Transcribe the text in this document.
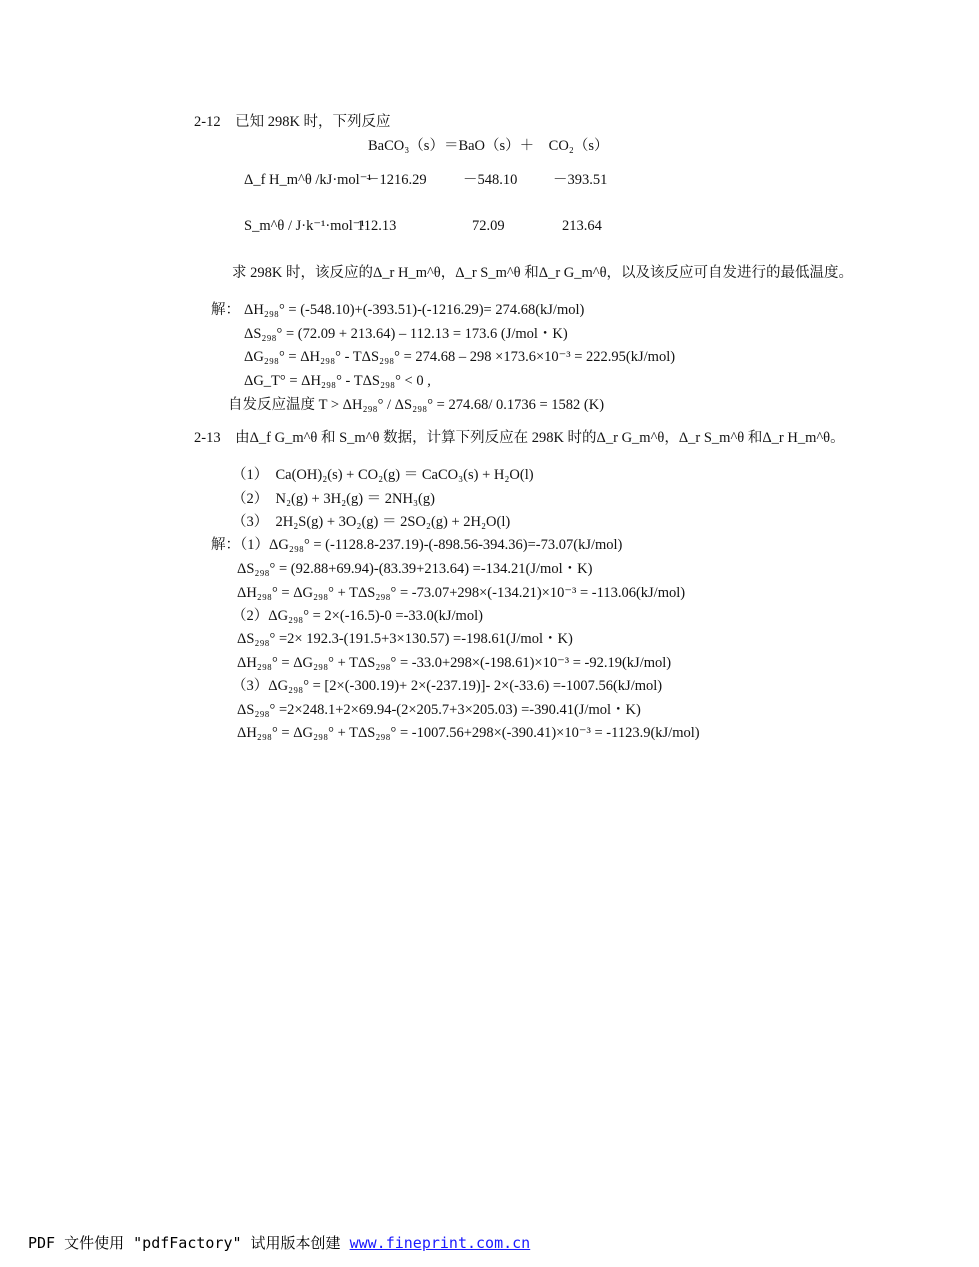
2-12　已知 298K 时，下列反应
BaCO₃（s）＝BaO（s）＋　CO₂（s）
Δ_f H_m^θ /kJ·mol⁻¹
－1216.29	－548.10 －393.51
S_m^θ / J·k⁻¹·mol⁻¹
112.13	72.09	213.64
求 298K 时，该反应的Δ_r H_m^θ，Δ_r S_m^θ 和Δ_r G_m^θ，以及该反应可自发进行的最低温度。
解： ΔH₂₉₈° = (-548.10)+(-393.51)-(-1216.29)= 274.68(kJ/mol)
ΔS₂₉₈° = (72.09 + 213.64) – 112.13 = 173.6 (J/mol・K)
ΔG₂₉₈° = ΔH₂₉₈° - TΔS₂₉₈° = 274.68 – 298 ×173.6×10⁻³ = 222.95(kJ/mol)
ΔG_T° = ΔH₂₉₈° - TΔS₂₉₈° < 0 ,
自发反应温度 T > ΔH₂₉₈° / ΔS₂₉₈° = 274.68/ 0.1736 = 1582 (K)
2-13　由Δ_f G_m^θ 和 S_m^θ 数据，计算下列反应在 298K 时的Δ_r G_m^θ，Δ_r S_m^θ 和Δ_r H_m^θ。
（1）　Ca(OH)₂(s) + CO₂(g) ＝ CaCO₃(s) + H₂O(l)
（2）　N₂(g) + 3H₂(g) ＝ 2NH₃(g)
（3）　2H₂S(g) + 3O₂(g) ＝ 2SO₂(g) + 2H₂O(l)
解：（1）ΔG₂₉₈° = (-1128.8-237.19)-(-898.56-394.36)=-73.07(kJ/mol)
ΔS₂₉₈° = (92.88+69.94)-(83.39+213.64) =-134.21(J/mol・K)
ΔH₂₉₈° = ΔG₂₉₈° + TΔS₂₉₈° = -73.07+298×(-134.21)×10⁻³ = -113.06(kJ/mol)
（2）ΔG₂₉₈° = 2×(-16.5)-0 =-33.0(kJ/mol)
ΔS₂₉₈° =2× 192.3-(191.5+3×130.57) =-198.61(J/mol・K)
ΔH₂₉₈° = ΔG₂₉₈° + TΔS₂₉₈° = -33.0+298×(-198.61)×10⁻³ = -92.19(kJ/mol)
（3）ΔG₂₉₈° = [2×(-300.19)+ 2×(-237.19)]- 2×(-33.6) =-1007.56(kJ/mol)
ΔS₂₉₈° =2×248.1+2×69.94-(2×205.7+3×205.03) =-390.41(J/mol・K)
ΔH₂₉₈° = ΔG₂₉₈° + TΔS₂₉₈° = -1007.56+298×(-390.41)×10⁻³ = -1123.9(kJ/mol)
PDF 文件使用 "pdfFactory" 试用版本创建 www.fineprint.com.cn
